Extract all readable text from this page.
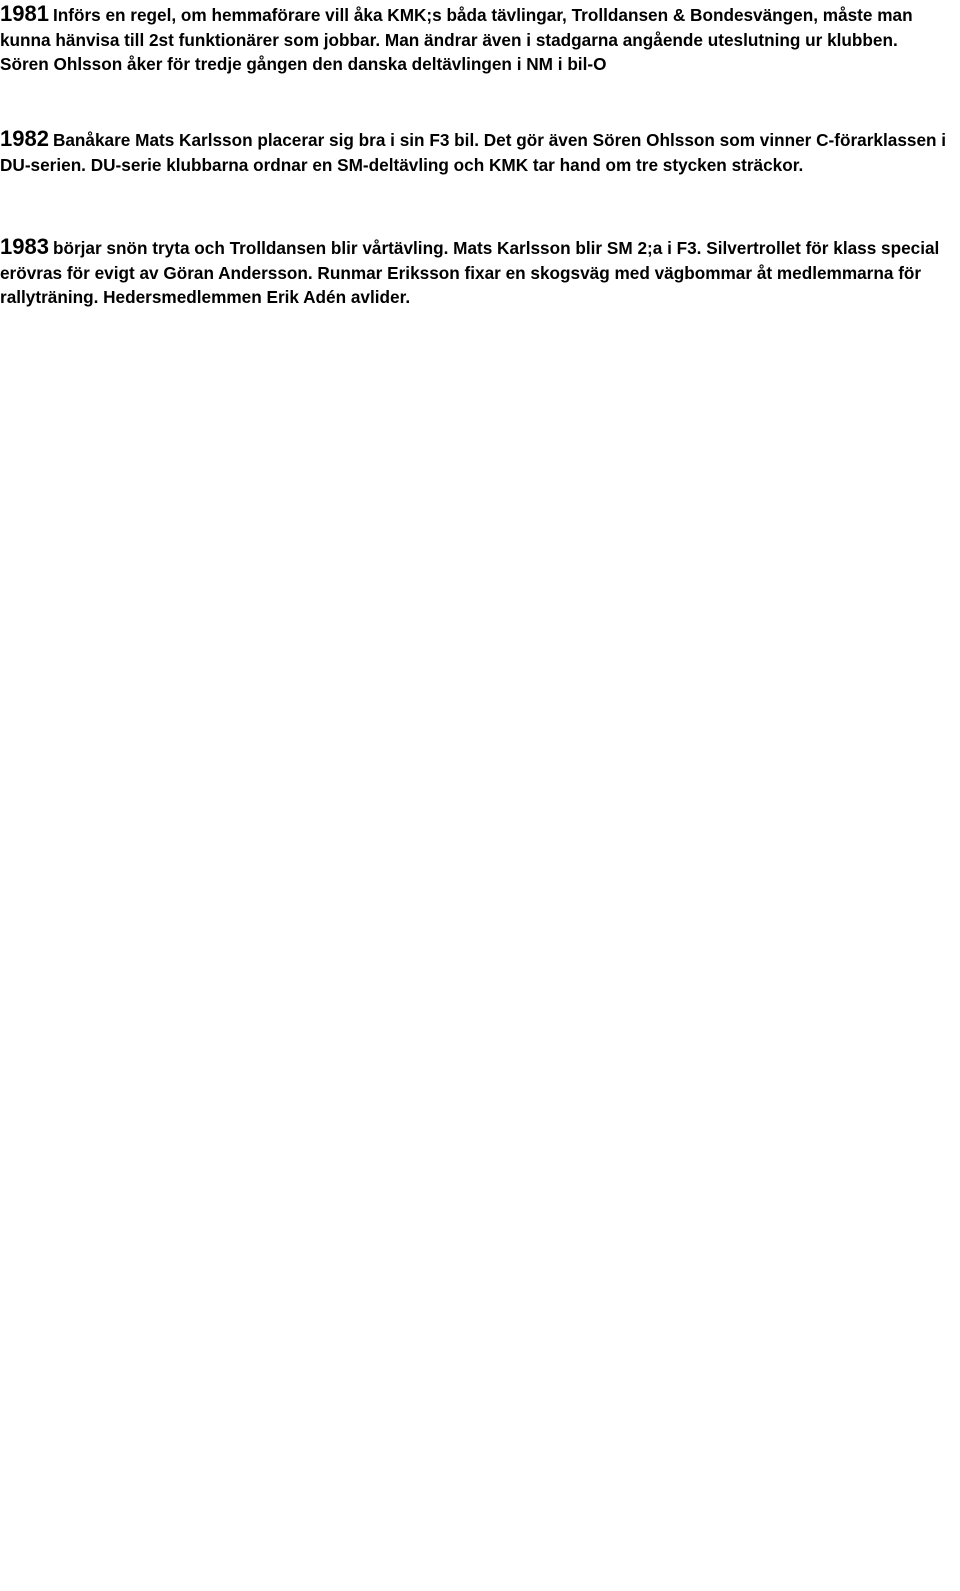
1981 Införs en regel, om hemmaförare vill åka KMK;s båda tävlingar, Trolldansen & Bondesvängen, måste man kunna hänvisa till 2st funktionärer som jobbar. Man ändrar även i stadgarna angående uteslutning ur klubben. Sören Ohlsson åker för tredje gången den danska deltävlingen i NM i bil-O

1982 Banåkare Mats Karlsson placerar sig bra i sin F3 bil. Det gör även Sören Ohlsson som vinner C-förarklassen i DU-serien. DU-serie klubbarna ordnar en SM-deltävling och KMK tar hand om tre stycken sträckor.

1983 börjar snön tryta och Trolldansen blir vårtävling. Mats Karlsson blir SM 2;a i F3. Silvertrollet för klass special erövras för evigt av Göran Andersson. Runmar Eriksson fixar en skogsväg med vägbommar åt medlemmarna för rallyträning. Hedersmedlemmen Erik Adén avlider.
